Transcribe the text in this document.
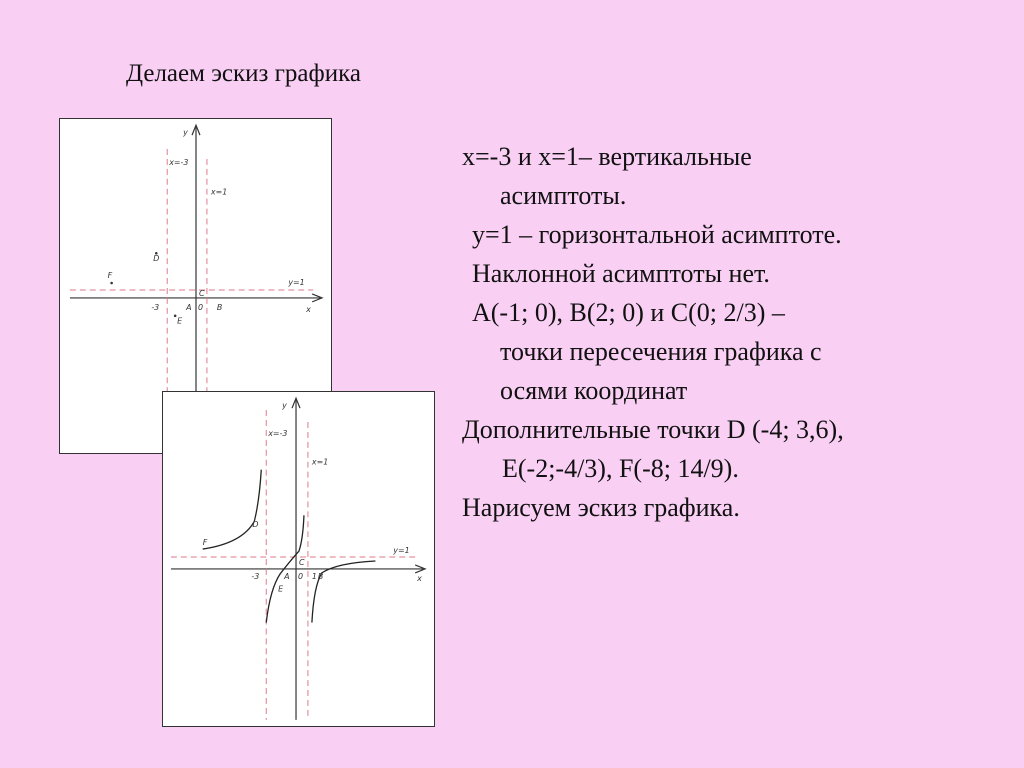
Делаем эскиз графика
y
x
x=-3
x=1
y=1
-3	A 0 B
C
D
E
F
y
x
x=-3
x=1
y=1
-3	A 0 1 B
C
D
E
F

x=-3 и x=1– вертикальные

асимптоты.

y=1 – горизонтальной асимптоте.

Наклонной асимптоты нет.

A(-1; 0), B(2; 0) и C(0; 2/3) –

точки пересечения графика с

осями координат

Дополнительные точки D (-4; 3,6),

E(-2;-4/3), F(-8; 14/9).

Нарисуем эскиз графика.
